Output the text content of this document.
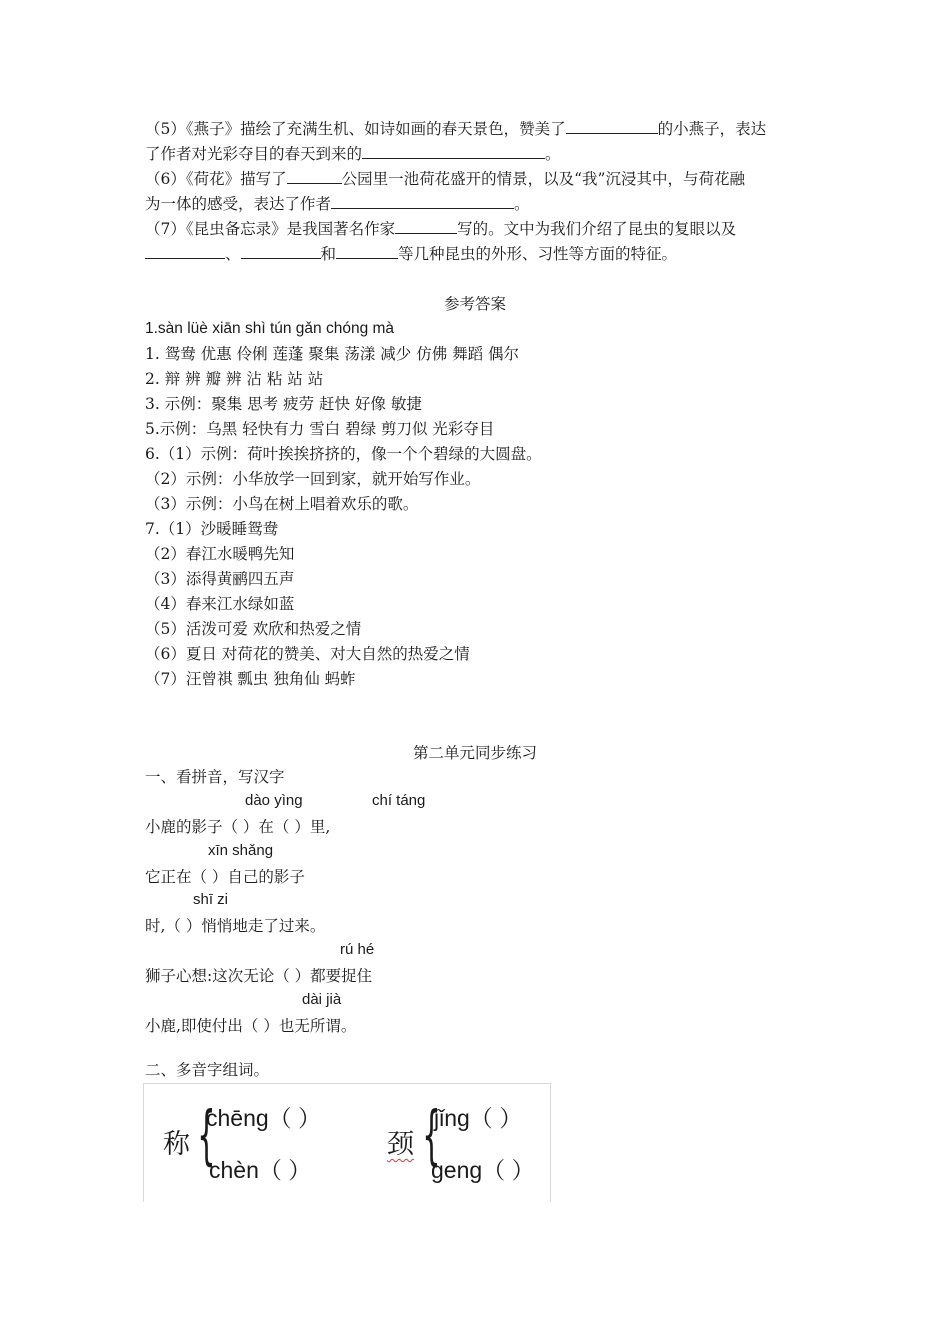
（5）《燕子》描绘了充满生机、如诗如画的春天景色，赞美了	的小燕子，表达
了作者对光彩夺目的春天到来的	。
（6）《荷花》描写了	公园里一池荷花盛开的情景，以及“我”沉浸其中，与荷花融
为一体的感受，表达了作者	。
（7）《昆虫备忘录》是我国著名作家	写的。文中为我们介绍了昆虫的复眼以及
、	和	等几种昆虫的外形、习性等方面的特征。
参考答案
1.sàn lüè xiān shì tún gǎn chóng mà
1. 鸳鸯 优惠 伶俐 莲蓬 聚集 荡漾 减少 仿佛 舞蹈 偶尔
2. 辩 辨 瓣 辨 沾 粘 站 站
3. 示例：聚集 思考 疲劳 赶快 好像 敏捷
5.示例：乌黑 轻快有力 雪白 碧绿 剪刀似 光彩夺目
6.（1）示例：荷叶挨挨挤挤的，像一个个碧绿的大圆盘。
（2）示例：小华放学一回到家，就开始写作业。
（3）示例：小鸟在树上唱着欢乐的歌。
7.（1）沙暖睡鸳鸯
（2）春江水暖鸭先知
（3）添得黄鹂四五声
（4）春来江水绿如蓝
（5）活泼可爱 欢欣和热爱之情
（6）夏日 对荷花的赞美、对大自然的热爱之情
（7）汪曾祺 瓢虫 独角仙 蚂蚱
第二单元同步练习
一、看拼音，写汉字
dào yìng	chí táng
小鹿的影子（ ）在（ ）里,
xīn shǎng
它正在（ ）自己的影子
shī zi
时,（ ）悄悄地走了过来。
rú hé
狮子心想:这次无论（ ）都要捉住
dài jià
小鹿,即使付出（ ）也无所谓。
二、多音字组词。
称 {
chēng（ ）
chèn（ ）
颈 {
jǐng（ ）
geng（ ）
